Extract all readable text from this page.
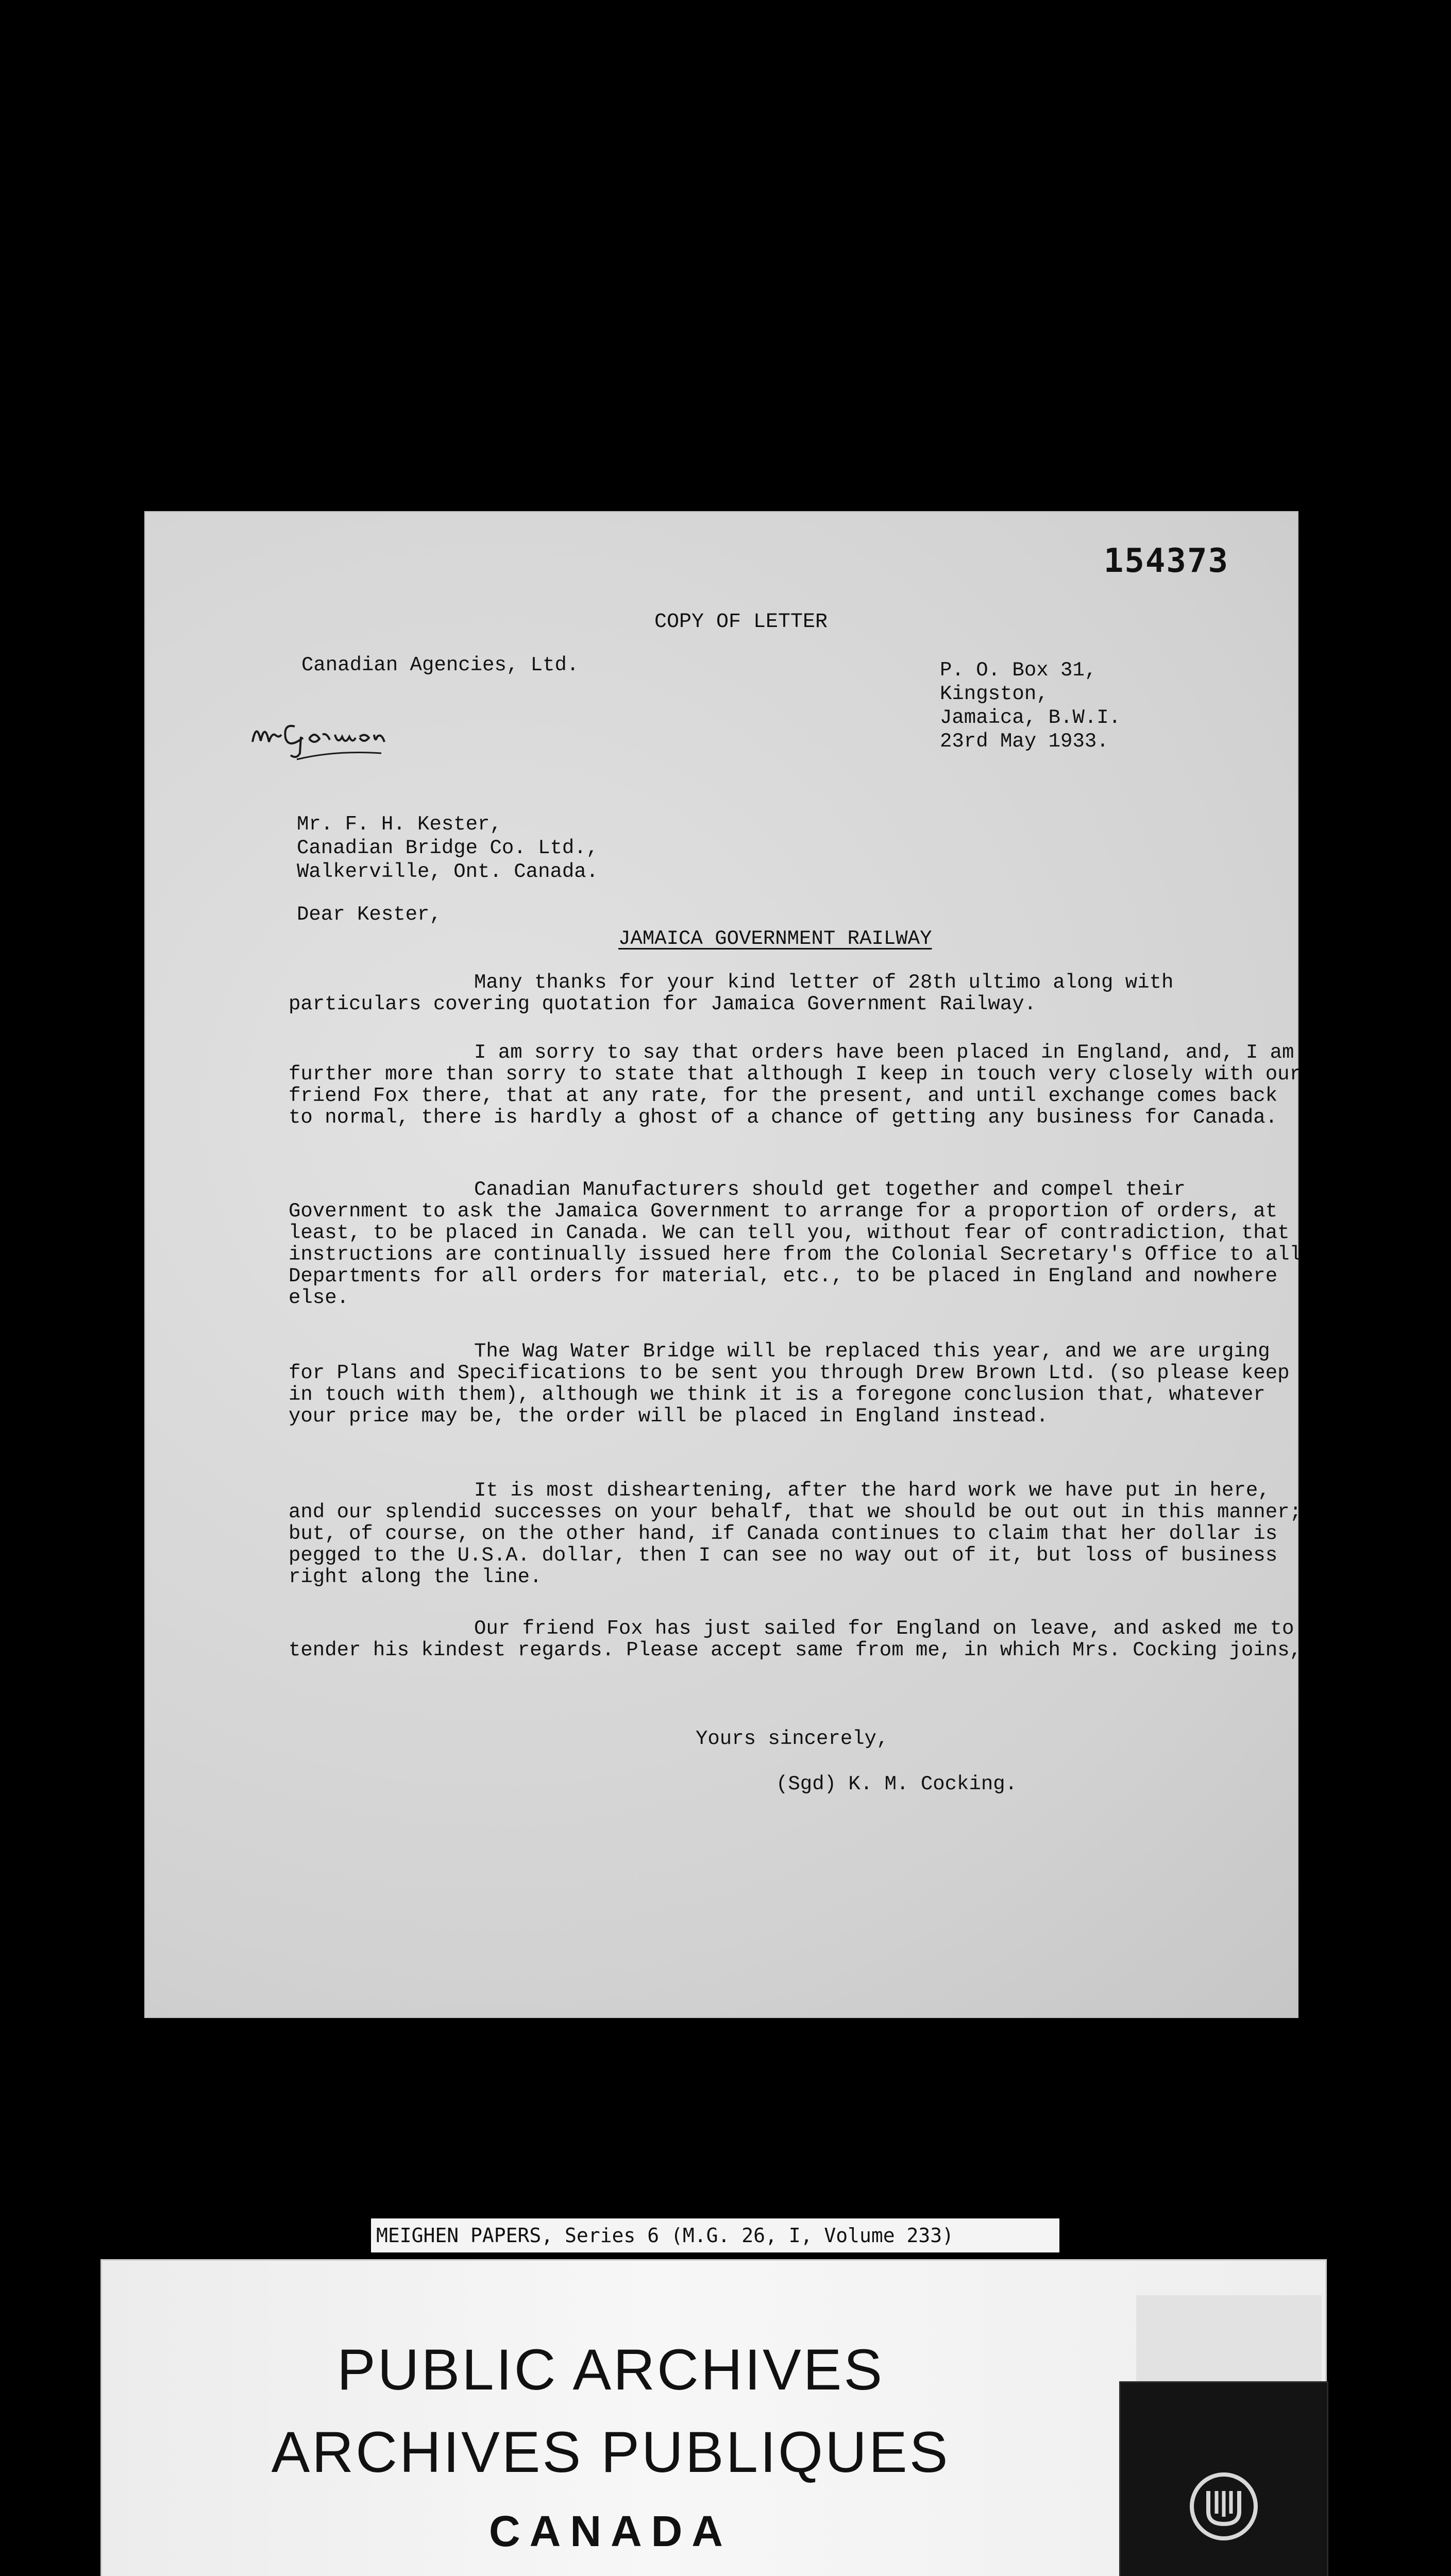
154373
COPY OF LETTER
Canadian Agencies, Ltd.	P. O. Box 31,
Kingston,
Jamaica, B.W.I.
23rd May 1933.
Mr. F. H. Kester,
Canadian Bridge Co. Ltd.,
Walkerville, Ont. Canada.
Dear Kester,
JAMAICA GOVERNMENT RAILWAY
Many thanks for your kind letter of 28th ultimo along with particulars covering quotation for Jamaica Government Railway.
I am sorry to say that orders have been placed in England, and, I am further more than sorry to state that although I keep in touch very closely with our friend Fox there, that at any rate, for the present, and until exchange comes back to normal, there is hardly a ghost of a chance of getting any business for Canada.
Canadian Manufacturers should get together and compel their Government to ask the Jamaica Government to arrange for a proportion of orders, at least, to be placed in Canada. We can tell you, without fear of contradiction, that instructions are continually issued here from the Colonial Secretary's Office to all Departments for all orders for material, etc., to be placed in England and nowhere else.
The Wag Water Bridge will be replaced this year, and we are urging for Plans and Specifications to be sent you through Drew Brown Ltd. (so please keep in touch with them), although we think it is a foregone conclusion that, whatever your price may be, the order will be placed in England instead.
It is most disheartening, after the hard work we have put in here, and our splendid successes on your behalf, that we should be out out in this manner; but, of course, on the other hand, if Canada continues to claim that her dollar is pegged to the U.S.A. dollar, then I can see no way out of it, but loss of business right along the line.
Our friend Fox has just sailed for England on leave, and asked me to tender his kindest regards. Please accept same from me, in which Mrs. Cocking joins,
Yours sincerely,
(Sgd) K. M. Cocking.
MEIGHEN PAPERS, Series 6 (M.G. 26, I, Volume 233)
PUBLIC ARCHIVES
ARCHIVES PUBLIQUES
CANADA
